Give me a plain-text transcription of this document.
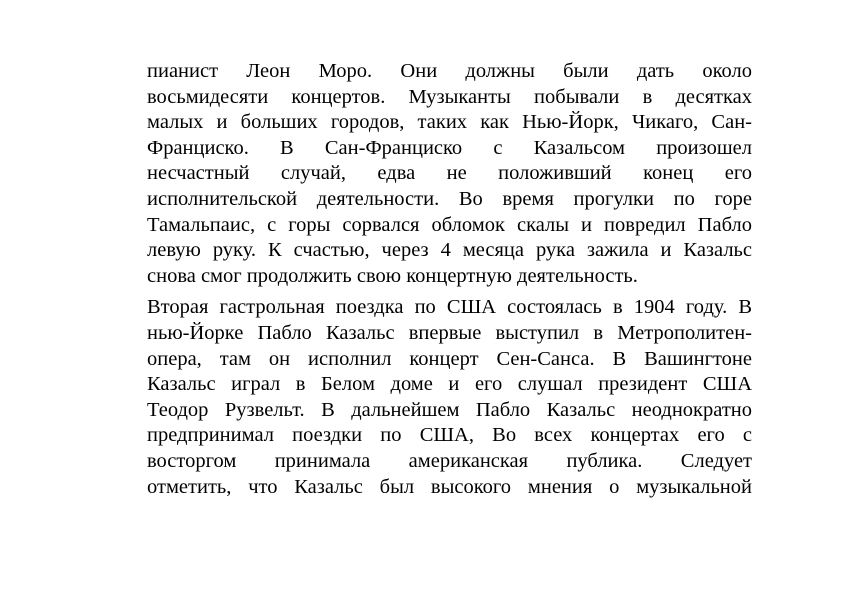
пианист Леон Моро. Они должны были дать около
восьмидесяти концертов. Музыканты побывали в десятках
малых и больших городов, таких как Нью-Йорк, Чикаго, Сан-
Франциско. В Сан-Франциско с Казальсом произошел
несчастный случай, едва не положивший конец его
исполнительской деятельности. Во время прогулки по горе
Тамальпаис, с горы сорвался обломок скалы и повредил Пабло
левую руку. К счастью, через 4 месяца рука зажила и Казальс
снова смог продолжить свою концертную деятельность.

Вторая гастрольная поездка по США состоялась в 1904 году. В
нью-Йорке Пабло Казальс впервые выступил в Метрополитен-
опера, там он исполнил концерт Сен-Санса. В Вашингтоне
Казальс играл в Белом доме и его слушал президент США
Теодор Рузвельт. В дальнейшем Пабло Казальс неоднократно
предпринимал поездки по США, Во всех концертах его с
восторгом принимала американская публика. Следует
отметить, что Казальс был высокого мнения о музыкальной
